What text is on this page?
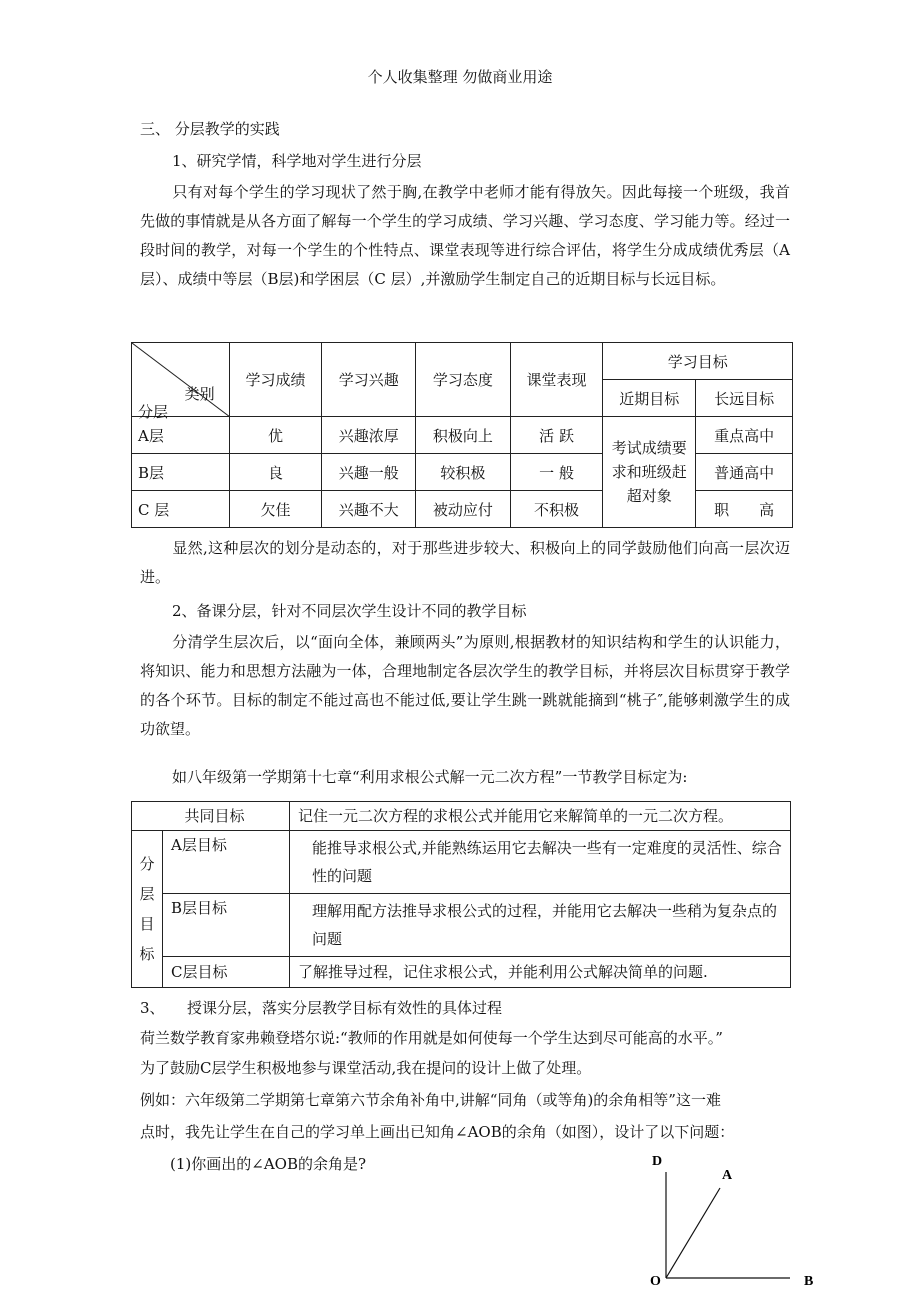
个人收集整理 勿做商业用途
三、 分层教学的实践
1、研究学情，科学地对学生进行分层
只有对每个学生的学习现状了然于胸,在教学中老师才能有得放矢。因此每接一个班级，我首先做的事情就是从各方面了解每一个学生的学习成绩、学习兴趣、学习态度、学习能力等。经过一段时间的教学，对每一个学生的个性特点、课堂表现等进行综合评估，将学生分成成绩优秀层（A层）、成绩中等层（B层)和学困层（C 层）,并激励学生制定自己的近期目标与长远目标。
类别
分层	学习成绩	学习兴趣	学习态度	课堂表现	学习目标	
					近期目标	长远目标
A层	优	兴趣浓厚	积极向上	活 跃	考试成绩要求和班级赶超对象	重点高中
B层	良	兴趣一般	较积极	一 般		普通高中
C 层	欠佳	兴趣不大	被动应付	不积极		职　　高
显然,这种层次的划分是动态的，对于那些进步较大、积极向上的同学鼓励他们向高一层次迈进。
2、备课分层，针对不同层次学生设计不同的教学目标
分清学生层次后，以“面向全体，兼顾两头”为原则,根据教材的知识结构和学生的认识能力，将知识、能力和思想方法融为一体，合理地制定各层次学生的教学目标，并将层次目标贯穿于教学的各个环节。目标的制定不能过高也不能过低,要让学生跳一跳就能摘到“桃子″,能够刺激学生的成功欲望。
如八年级第一学期第十七章“利用求根公式解一元二次方程”一节教学目标定为:
共同目标		记住一元二次方程的求根公式并能用它来解简单的一元二次方程。

分
层
目
标	A层目标	能推导求根公式,并能熟练运用它去解决一些有一定难度的灵活性、综合性的问题
	B层目标	理解用配方法推导求根公式的过程，并能用它去解决一些稍为复杂点的问题
	C层目标	了解推导过程，记住求根公式，并能利用公式解决简单的问题.
3、　　授课分层，落实分层教学目标有效性的具体过程
荷兰数学教育家弗赖登塔尔说:“教师的作用就是如何使每一个学生达到尽可能高的水平。”
为了鼓励C层学生积极地参与课堂活动,我在提问的设计上做了处理。
例如：六年级第二学期第七章第六节余角补角中,讲解“同角（或等角)的余角相等”这一难
点时，我先让学生在自己的学习单上画出已知角∠AOB的余角（如图），设计了以下问题：
(1)你画出的∠AOB的余角是?	D
A
O	B
